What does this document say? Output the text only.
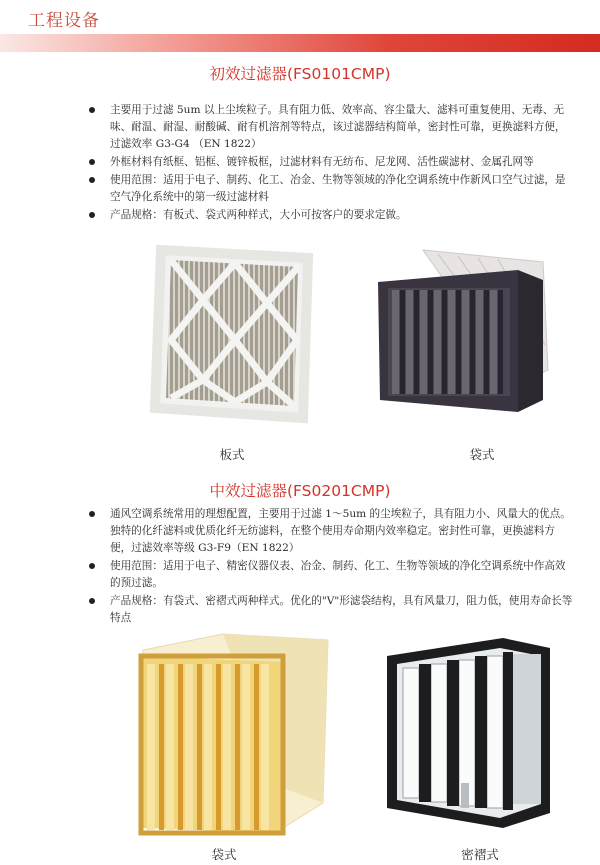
工程设备
初效过滤器(FS0101CMP)
主要用于过滤 5um 以上尘埃粒子。具有阻力低、效率高、容尘量大、滤料可重复使用、无毒、无味、耐温、耐湿、耐酸碱、耐有机溶剂等特点，该过滤器结构简单，密封性可靠，更换滤料方便，过滤效率 G3-G4 （EN 1822）
外框材料有纸框、铝框、镀锌板框，过滤材料有无纺布、尼龙网、活性碳滤材、金属孔网等
使用范围：适用于电子、制药、化工、冶金、生物等领域的净化空调系统中作新风口空气过滤，是空气净化系统中的第一级过滤材料
产品规格：有板式、袋式两种样式，大小可按客户的要求定做。
板式	袋式
中效过滤器(FS0201CMP)
通风空调系统常用的理想配置，主要用于过滤 1～5um 的尘埃粒子，具有阻力小、风量大的优点。独特的化纤滤料或优质化纤无纺滤料，在整个使用寿命期内效率稳定。密封性可靠，更换滤料方便，过滤效率等级 G3-F9（EN 1822）
使用范围：适用于电子、精密仪器仪表、冶金、制药、化工、生物等领域的净化空调系统中作高效的预过滤。
产品规格：有袋式、密褶式两种样式。优化的"V"形滤袋结构，具有风量刀，阻力低，使用寿命长等特点
袋式	密褶式
